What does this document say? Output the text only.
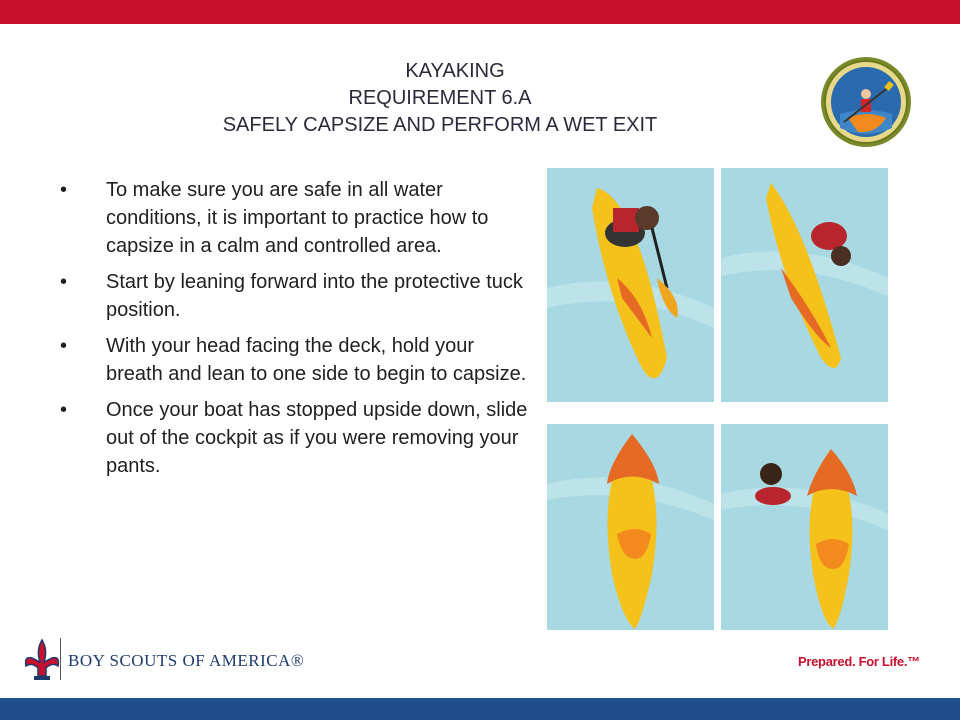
KAYAKING
REQUIREMENT 6.A
SAFELY CAPSIZE AND PERFORM A WET EXIT
• To make sure you are safe in all water conditions, it is important to practice how to capsize in a calm and controlled area.
• Start by leaning forward into the protective tuck position.
• With your head facing the deck, hold your breath and lean to one side to begin to capsize.
• Once your boat has stopped upside down, slide out of the cockpit as if you were removing your pants.
BOY SCOUTS OF AMERICA®	Prepared. For Life.™
